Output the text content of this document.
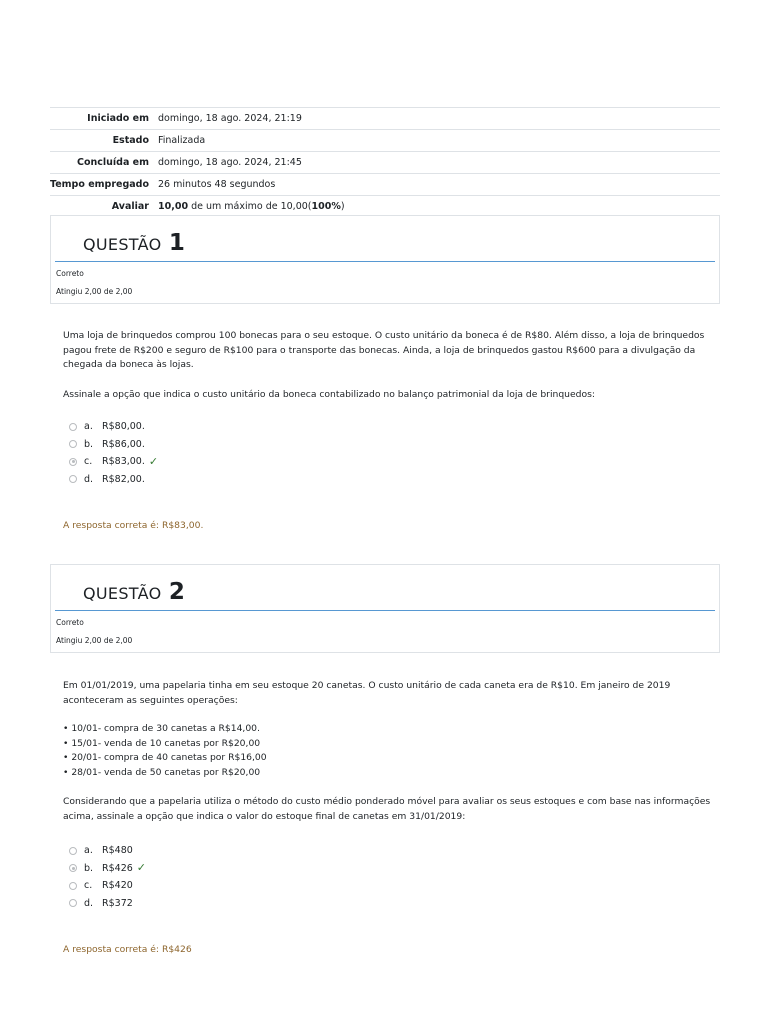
Iniciado em	domingo, 18 ago. 2024, 21:19
Estado	Finalizada
Concluída em	domingo, 18 ago. 2024, 21:45
Tempo empregado	26 minutos 48 segundos
Avaliar	10,00 de um máximo de 10,00(100%)
QUESTÃO 1
Correto
Atingiu 2,00 de 2,00

Uma loja de brinquedos comprou 100 bonecas para o seu estoque. O custo unitário da boneca é de R$80. Além disso, a loja de brinquedos pagou frete de R$200 e seguro de R$100 para o transporte das bonecas. Ainda, a loja de brinquedos gastou R$600 para a divulgação da chegada da boneca às lojas.

Assinale a opção que indica o custo unitário da boneca contabilizado no balanço patrimonial da loja de brinquedos:

a. R$80,00.
b. R$86,00.
c.	R$83,00. ✓
d. R$82,00.
A resposta correta é: R$83,00.
QUESTÃO 2
Correto
Atingiu 2,00 de 2,00

Em 01/01/2019, uma papelaria tinha em seu estoque 20 canetas. O custo unitário de cada caneta era de R$10. Em janeiro de 2019 aconteceram as seguintes operações:

• 10/01- compra de 30 canetas a R$14,00.

• 15/01- venda de 10 canetas por R$20,00

• 20/01- compra de 40 canetas por R$16,00

• 28/01- venda de 50 canetas por R$20,00

Considerando que a papelaria utiliza o método do custo médio ponderado móvel para avaliar os seus estoques e com base nas informações acima, assinale a opção que indica o valor do estoque final de canetas em 31/01/2019:

a. R$480
b. R$426 ✓
c.	R$420
d. R$372
A resposta correta é: R$426
